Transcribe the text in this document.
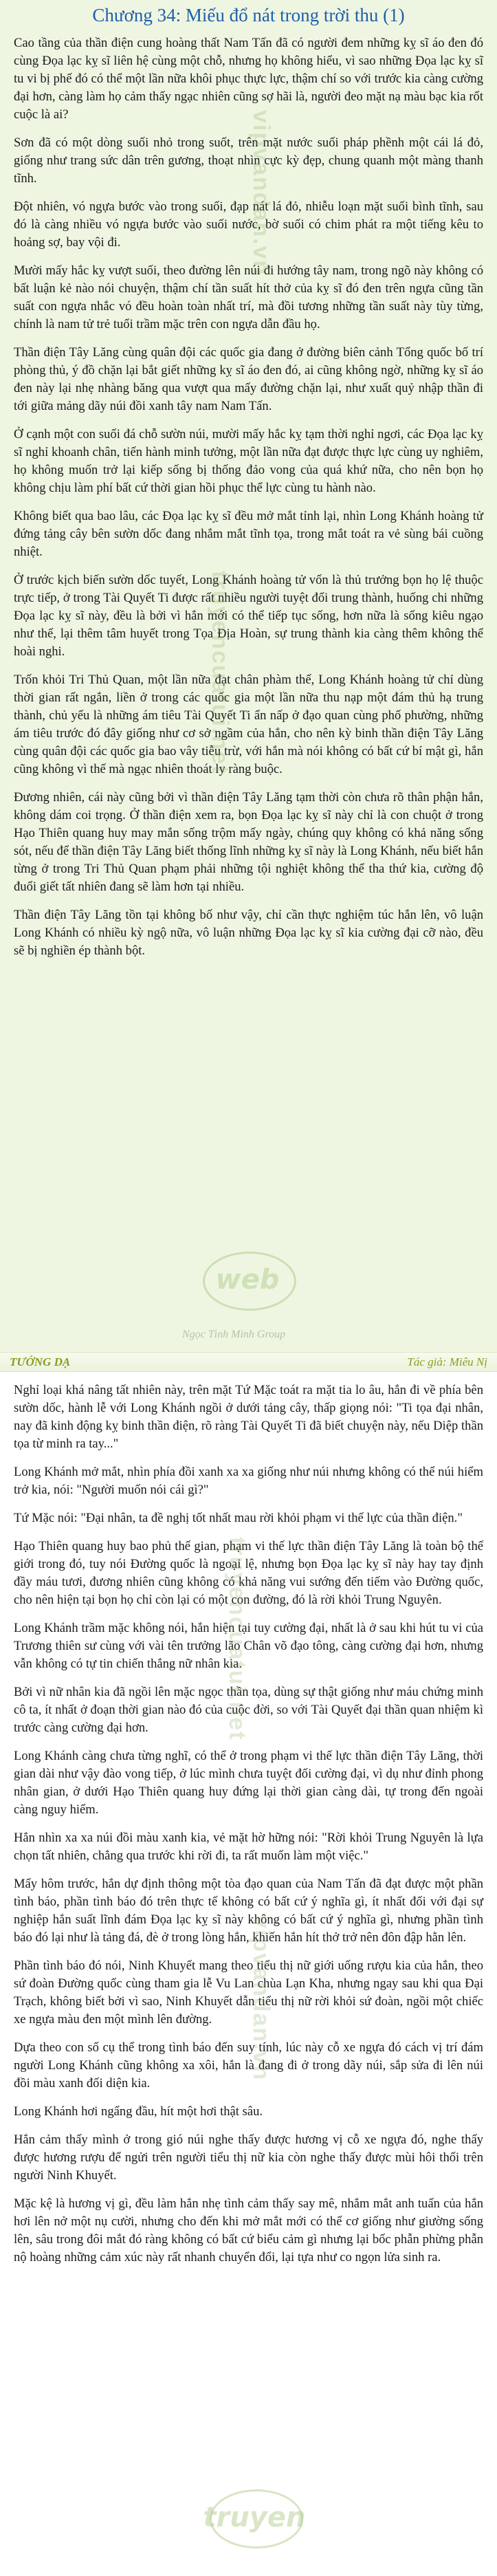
Chương 34: Miếu đổ nát trong trời thu (1)

Cao tầng của thần điện cung hoàng thất Nam Tấn đã có người đem những kỵ sĩ áo đen đó cùng Đọa lạc kỵ sĩ liên hệ cùng một chỗ, nhưng họ không hiểu, vì sao những Đọa lạc kỵ sĩ tu vi bị phế đó có thể một lần nữa khôi phục thực lực, thậm chí so với trước kia càng cường đại hơn, càng làm họ cảm thấy ngạc nhiên cũng sợ hãi là, người đeo mặt nạ màu bạc kia rốt cuộc là ai?

Sơn đã có một dòng suối nhỏ trong suốt, trên mặt nước suối pháp phềnh một cái lá đỏ, giống như trang sức dân trên gương, thoạt nhìn cực kỳ đẹp, chung quanh một màng thanh tĩnh.

Đột nhiên, vó ngựa bước vào trong suối, đạp nát lá đỏ, nhiễu loạn mặt suối bình tĩnh, sau đó là càng nhiều vó ngựa bước vào suối nước, bờ suối có chim phát ra một tiếng kêu to hoảng sợ, bay vội đi.

Mười mấy hắc kỵ vượt suối, theo đường lên núi đi hướng tây nam, trong ngõ này không có bất luận kẻ nào nói chuyện, thậm chí tần suất hít thở của kỵ sĩ đó đen trên ngựa cũng tần suất con ngựa nhắc vó đều hoàn toàn nhất trí, mà đồi tương những tần suất này tùy từng, chính là nam tử trẻ tuổi trầm mặc trên con ngựa dẫn đầu họ.

Thần điện Tây Lăng cùng quân đội các quốc gia đang ở đường biên cảnh Tổng quốc bố trí phòng thủ, ý đồ chặn lại bắt giết những kỵ sĩ áo đen đó, ai cũng không ngờ, những kỵ sĩ áo đen này lại nhẹ nhàng băng qua vượt qua mấy đường chặn lại, như xuất quỷ nhập thần đi tới giữa mảng dãy núi đồi xanh tây nam Nam Tấn.

Ở cạnh một con suối đá chỗ sườn núi, mười mấy hắc kỵ tạm thời nghỉ ngơi, các Đọa lạc kỵ sĩ nghỉ khoanh chân, tiến hành minh tưởng, một lần nữa đạt được thực lực cùng uy nghiêm, họ không muốn trở lại kiếp sống bị thống đảo vong của quá khứ nữa, cho nên bọn họ không chịu làm phí bất cứ thời gian hồi phục thể lực cùng tu hành nào.

Không biết qua bao lâu, các Đọa lạc kỵ sĩ đều mở mắt tỉnh lại, nhìn Long Khánh hoàng tử đứng tảng cây bên sườn dốc đang nhắm mắt tĩnh tọa, trong mắt toát ra vẻ sùng bái cuồng nhiệt.

Ở trước kịch biến sườn dốc tuyết, Long Khánh hoàng tử vốn là thủ trưởng bọn họ lệ thuộc trực tiếp, ở trong Tài Quyết Ti được rất nhiều người tuyệt đối trung thành, huống chi những Đọa lạc kỵ sĩ này, đều là bởi vì hắn mới có thể tiếp tục sống, hơn nữa là sống kiêu ngạo như thế, lại thêm tâm huyết trong Tọa Địa Hoàn, sự trung thành kia càng thêm không thể hoài nghi.

Trốn khỏi Tri Thủ Quan, một lần nữa đạt chân phàm thế, Long Khánh hoàng tử chỉ dùng thời gian rất ngắn, liền ở trong các quốc gia một lần nữa thu nạp một đám thủ hạ trung thành, chủ yếu là những ám tiêu Tài Quyết Ti ẩn nấp ở đạo quan cùng phố phường, những ám tiêu trước đó đây giống như cơ sở ngầm của hắn, cho nên kỳ binh thần điện Tây Lăng cùng quân đội các quốc gia bao vây tiễu trừ, với hắn mà nói không có bất cứ bí mật gì, hắn cũng không vì thế mà ngạc nhiên thoát ly ràng buộc.

Đương nhiên, cái này cũng bởi vì thần điện Tây Lăng tạm thời còn chưa rõ thân phận hắn, không dám coi trọng. Ở thần điện xem ra, bọn Đọa lạc kỵ sĩ này chỉ là con chuột ở trong Hạo Thiên quang huy may mắn sống trộm mấy ngày, chúng quy không có khả năng sống sót, nếu để thần điện Tây Lăng biết thống lĩnh những kỵ sĩ này là Long Khánh, nếu biết hắn từng ở trong Tri Thủ Quan phạm phải những tội nghiệt không thể tha thứ kia, cường độ đuổi giết tất nhiên đang sẽ làm hơn tại nhiều.

Thần điện Tây Lăng tồn tại không bố như vậy, chỉ cần thực nghiệm túc hắn lên, vô luận Long Khánh có nhiều kỳ ngộ nữa, vô luận những Đọa lạc kỵ sĩ kia cường đại cỡ nào, đều sẽ bị nghiền ép thành bột.

vipvandan.vn
truyencuatui.net
web
Ngọc Tình Minh Group
TƯỚNG DẠ	Tác giả: Miêu Nị

Nghỉ loại khá nâng tất nhiên này, trên mặt Tứ Mặc toát ra mặt tia lo âu, hắn đi về phía bên sườn dốc, hành lễ với Long Khánh ngồi ở dưới tảng cây, thấp giọng nói: "Ti tọa đại nhân, nay đã kinh động kỵ binh thần điện, rõ ràng Tài Quyết Ti đã biết chuyện này, nếu Diệp thần tọa từ minh ra tay..."

Long Khánh mở mắt, nhìn phía đồi xanh xa xa giống như núi nhưng không có thể núi hiểm trở kia, nói: "Người muốn nói cái gì?"

Tứ Mặc nói: "Đại nhân, ta đề nghị tốt nhất mau rời khỏi phạm vi thế lực của thần điện."

Hạo Thiên quang huy bao phủ thế gian, phạm vi thế lực thần điện Tây Lăng là toàn bộ thế giới trong đó, tuy nói Đường quốc là ngoại lệ, nhưng bọn Đọa lạc kỵ sĩ này hay tay định đầy máu tươi, đương nhiên cũng không có khả năng vui sướng đến tiếm vào Đường quốc, cho nên hiện tại bọn họ chỉ còn lại có một con đường, đó là rời khỏi Trung Nguyên.

Long Khánh trầm mặc không nói, hắn hiện tại tuy cường đại, nhất là ở sau khi hút tu vi của Trương thiên sư cùng với vài tên trưởng lão Chân võ đạo tông, càng cường đại hơn, nhưng vẫn không có tự tin chiến thắng nữ nhân kia.

Bởi vì nữ nhân kia đã ngồi lên mặc ngọc thần tọa, dùng sự thật giống như máu chứng minh cô ta, ít nhất ở đoạn thời gian nào đó của cuộc đời, so với Tài Quyết đại thần quan nhiệm kì trước càng cường đại hơn.

Long Khánh càng chưa từng nghĩ, có thể ở trong phạm vi thế lực thần điện Tây Lăng, thời gian dài như vậy đào vong tiếp, ở lúc mình chưa tuyệt đối cường đại, vì dụ như đỉnh phong nhân gian, ở dưới Hạo Thiên quang huy đứng lại thời gian càng dài, tự trong đến ngoài càng nguy hiểm.

Hắn nhìn xa xa núi đồi màu xanh kia, vẻ mặt hờ hững nói: "Rời khỏi Trung Nguyên là lựa chọn tất nhiên, chẳng qua trước khi rời đi, ta rất muốn làm một việc."

Mấy hôm trước, hắn dự định thông một tòa đạo quan của Nam Tấn đã đạt được một phần tình báo, phần tình báo đó trên thực tế không có bất cứ ý nghĩa gì, ít nhất đối với đại sự nghiệp hắn suất lĩnh đám Đọa lạc kỵ sĩ này không có bất cứ ý nghĩa gì, nhưng phần tình báo đó lại như là tảng đá, đè ở trong lòng hắn, khiến hắn hít thở trở nên đôn đập hằn lên.

Phần tình báo đó nói, Ninh Khuyết mang theo tiểu thị nữ giới uống rượu kia của hắn, theo sứ đoàn Đường quốc cùng tham gia lễ Vu Lan chùa Lạn Kha, nhưng ngay sau khi qua Đại Trạch, không biết bởi vì sao, Ninh Khuyết dẫn tiểu thị nữ rời khỏi sứ đoàn, ngồi một chiếc xe ngựa màu đen một mình lên đường.

Dựa theo con số cụ thể trong tình báo đến suy tính, lúc này cỗ xe ngựa đó cách vị trí đám người Long Khánh cũng không xa xôi, hắn là đang đi ở trong dãy núi, sắp sửa đi lên núi đồi màu xanh đối diện kia.

Long Khánh hơi ngẩng đầu, hít một hơi thật sâu.

Hắn cảm thấy mình ở trong gió núi nghe thấy được hương vị cỗ xe ngựa đó, nghe thấy được hương rượu để ngửi trên người tiểu thị nữ kia còn nghe thấy được mùi hôi thối trên người Ninh Khuyết.

Mặc kệ là hương vị gì, đều làm hắn nhẹ tình cảm thấy say mê, nhắm mắt anh tuấn của hắn hơi lên nở một nụ cười, nhưng cho đến khi mở mắt mới có thể cơ giống như giường sống lên, sâu trong đôi mắt đó ràng không có bất cứ biểu cảm gì nhưng lại bốc phẫn phừng phẫn nộ hoàng những cảm xúc này rất nhanh chuyển đổi, lại tựa như co ngọn lửa sinh ra.

truyencuatui.net
vipvandan.vn
truyen
